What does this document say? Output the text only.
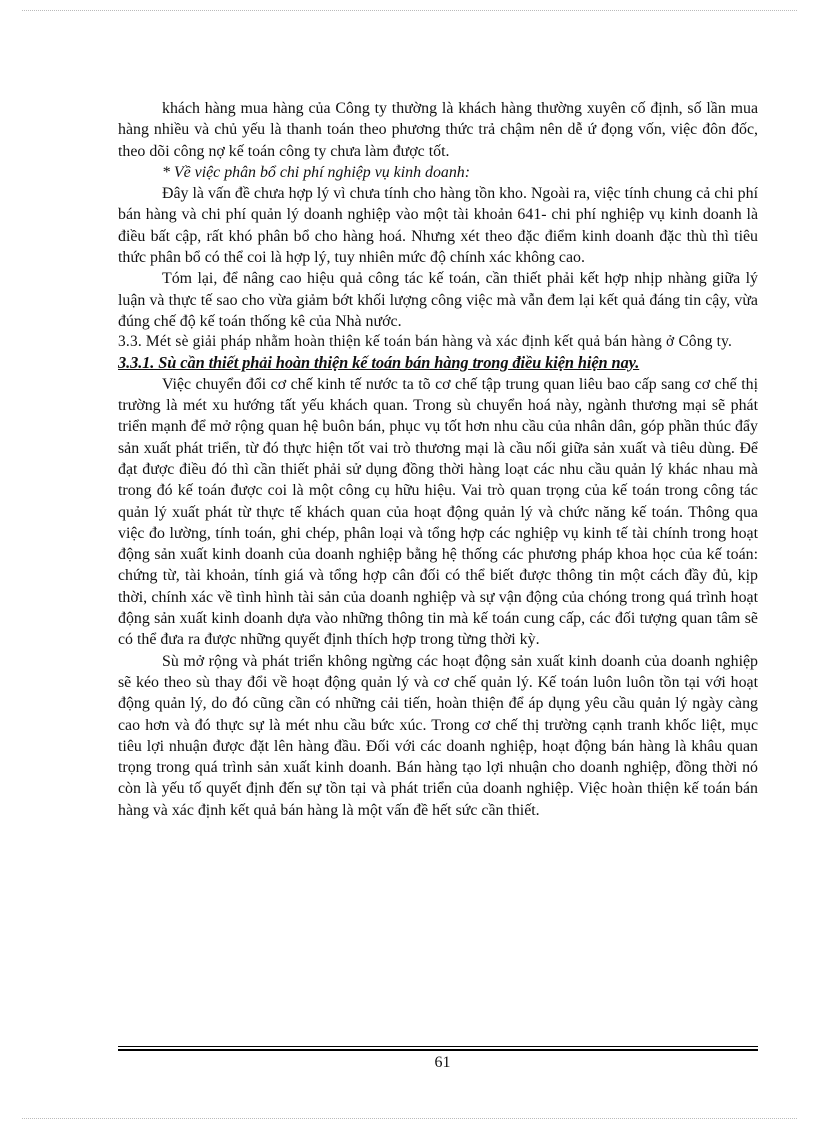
khách hàng mua hàng của Công ty thường là khách hàng thường xuyên cố định, số lần mua hàng nhiều và chủ yếu là thanh toán theo phương thức trả chậm nên dễ ứ đọng vốn, việc đôn đốc, theo dõi công nợ kế toán công ty chưa làm được tốt.

* Về việc phân bổ chi phí nghiệp vụ kinh doanh:

Đây là vấn đề chưa hợp lý vì chưa tính cho hàng tồn kho. Ngoài ra, việc tính chung cả chi phí bán hàng và chi phí quản lý doanh nghiệp vào một tài khoản 641- chi phí nghiệp vụ kinh doanh là điều bất cập, rất khó phân bổ cho hàng hoá. Nhưng xét theo đặc điểm kinh doanh đặc thù thì tiêu thức phân bổ có thể coi là hợp lý, tuy nhiên mức độ chính xác không cao.

Tóm lại, để nâng cao hiệu quả công tác kế toán, cần thiết phải kết hợp nhịp nhàng giữa lý luận và thực tế sao cho vừa giảm bớt khối lượng công việc mà vẫn đem lại kết quả đáng tin cậy, vừa đúng chế độ kế toán thống kê của Nhà nước.

3.3. Mét sè giải pháp nhằm hoàn thiện kế toán bán hàng và xác định kết quả bán hàng ở Công ty.

3.3.1. Sù cần thiết phải hoàn thiện kế toán bán hàng trong điều kiện hiện nay.

Việc chuyển đổi cơ chế kinh tế nước ta tõ cơ chế tập trung quan liêu bao cấp sang cơ chế thị trường là mét xu hướng tất yếu khách quan. Trong sù chuyển hoá này, ngành thương mại sẽ phát triển mạnh để mở rộng quan hệ buôn bán, phục vụ tốt hơn nhu cầu của nhân dân, góp phần thúc đẩy sản xuất phát triển, từ đó thực hiện tốt vai trò thương mại là cầu nối giữa sản xuất và tiêu dùng. Để đạt được điều đó thì cần thiết phải sử dụng đồng thời hàng loạt các nhu cầu quản lý khác nhau mà trong đó kế toán được coi là một công cụ hữu hiệu. Vai trò quan trọng của kế toán trong công tác quản lý xuất phát từ thực tế khách quan của hoạt động quản lý và chức năng kế toán. Thông qua việc đo lường, tính toán, ghi chép, phân loại và tổng hợp các nghiệp vụ kinh tế tài chính trong hoạt động sản xuất kinh doanh của doanh nghiệp bằng hệ thống các phương pháp khoa học của kế toán: chứng từ, tài khoản, tính giá và tổng hợp cân đối có thể biết được thông tin một cách đầy đủ, kịp thời, chính xác về tình hình tài sản của doanh nghiệp và sự vận động của chóng trong quá trình hoạt động sản xuất kinh doanh dựa vào những thông tin mà kế toán cung cấp, các đối tượng quan tâm sẽ có thể đưa ra được những quyết định thích hợp trong từng thời kỳ.

Sù mở rộng và phát triển không ngừng các hoạt động sản xuất kinh doanh của doanh nghiệp sẽ kéo theo sù thay đổi về hoạt động quản lý và cơ chế quản lý. Kế toán luôn luôn tồn tại với hoạt động quản lý, do đó cũng cần có những cải tiến, hoàn thiện để áp dụng yêu cầu quản lý ngày càng cao hơn và đó thực sự là mét nhu cầu bức xúc. Trong cơ chế thị trường cạnh tranh khốc liệt, mục tiêu lợi nhuận được đặt lên hàng đầu. Đối với các doanh nghiệp, hoạt động bán hàng là khâu quan trọng trong quá trình sản xuất kinh doanh. Bán hàng tạo lợi nhuận cho doanh nghiệp, đồng thời nó còn là yếu tố quyết định đến sự tồn tại và phát triển của doanh nghiệp. Việc hoàn thiện kế toán bán hàng và xác định kết quả bán hàng là một vấn đề hết sức cần thiết.

61
